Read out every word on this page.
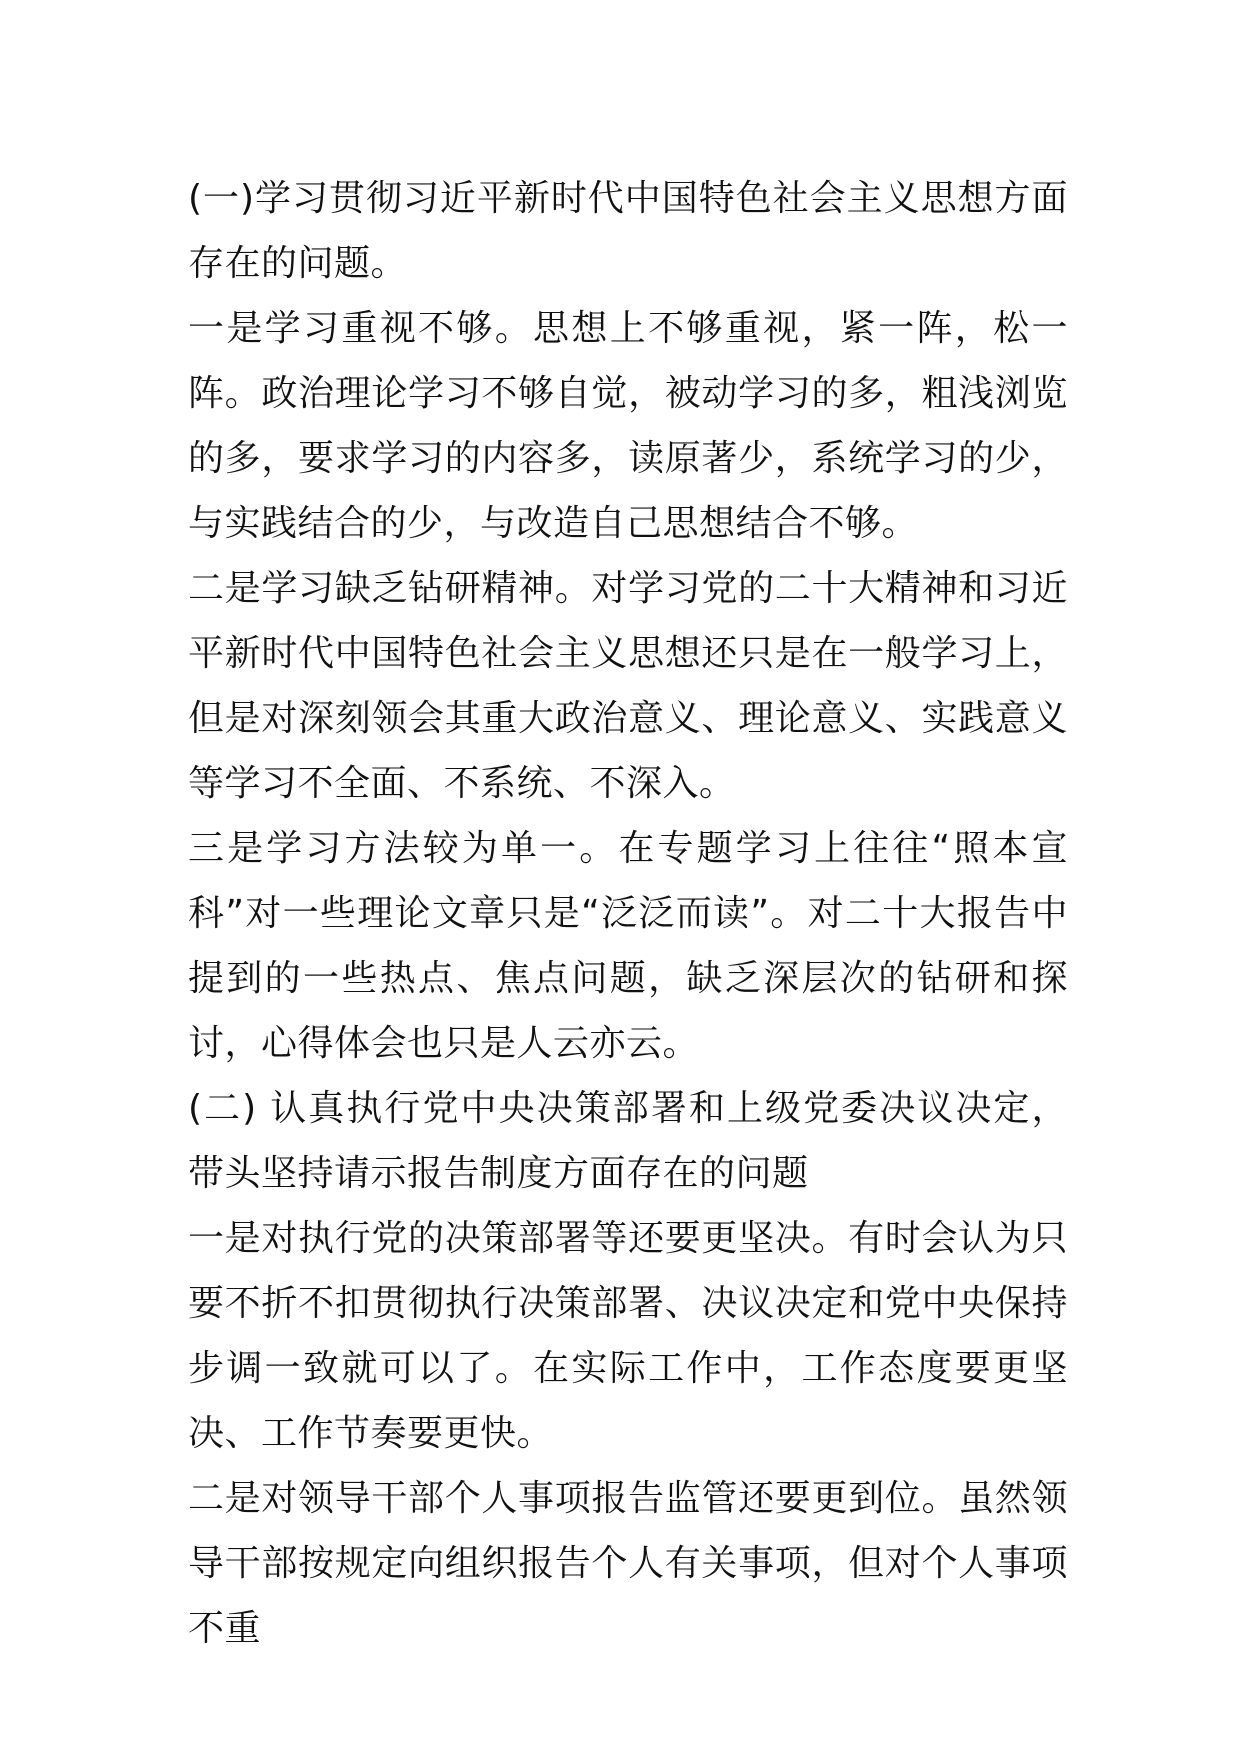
(一)学习贯彻习近平新时代中国特色社会主义思想方面存在的问题。

一是学习重视不够。思想上不够重视，紧一阵，松一阵。政治理论学习不够自觉，被动学习的多，粗浅浏览的多，要求学习的内容多，读原著少，系统学习的少，与实践结合的少，与改造自己思想结合不够。

二是学习缺乏钻研精神。对学习党的二十大精神和习近平新时代中国特色社会主义思想还只是在一般学习上，但是对深刻领会其重大政治意义、理论意义、实践意义等学习不全面、不系统、不深入。

三是学习方法较为单一。在专题学习上往往“照本宣科”对一些理论文章只是“泛泛而读”。对二十大报告中提到的一些热点、焦点问题，缺乏深层次的钻研和探讨，心得体会也只是人云亦云。

(二) 认真执行党中央决策部署和上级党委决议决定，带头坚持请示报告制度方面存在的问题

一是对执行党的决策部署等还要更坚决。有时会认为只要不折不扣贯彻执行决策部署、决议决定和党中央保持步调一致就可以了。在实际工作中，工作态度要更坚决、工作节奏要更快。

二是对领导干部个人事项报告监管还要更到位。虽然领导干部按规定向组织报告个人有关事项，但对个人事项不重
